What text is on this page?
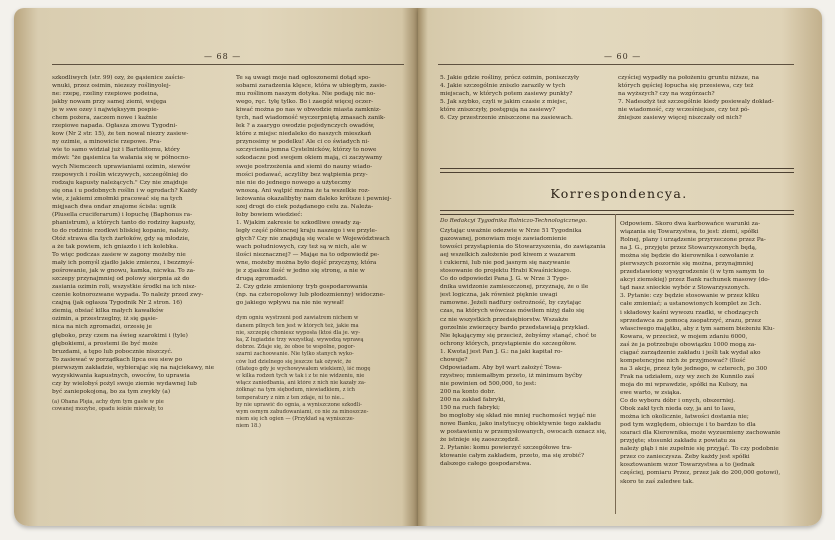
— 68 —

szkodliwych (str. 99) ozy, że gąsienice zaście-

wnuki, przez osimin, niezezy roślinyolej-

ne: rzepę, rzeliny rzepiowe podeina,

jakby nowam przy samej ziemi, wejęga

je w swe ozey i najwięksyym pospie-

chem pożera, zaczem nowe i kaźnie

rzepiowe napada. Ogłasza znowu Tygodni-

kow (Nr 2 str. 15), że ten nowal niezry zasiew-

ny ozimie, a minowicie rzepowe. Pra-

wie to samo widział już i Bartolitomu, który

mówi: "że gąsienica ta wałania się w północno-

wych Niemczech uprawianiami ozimin, siewów

rzepowych i roślin wiczywych, szczególniej do

rodzaju kapusty należących." Czy nie znajduje

się ona i u podobnych roślin i w ogrodach? Każdy

wie, z jakiemi zmołmki pracować się na tych

mięjsach dwa ondar znajome ścisła: ugnik

(Plusella cruciferarum) i łopuchę (Baphonus ra-

phanistrum), a których tanto do rodziny kapusty,

to do rodzinie rzodkwi bliskiej kopanie, należy.

Otóż strawa dla tych żarłoków, gdy są młodzie,

a że tak powiem, ich gniazdo i ich kolebka.

To więc podczas zasiew w zagony możeby nie

mały ich pomyśl zjadło jakie zmierzu, i bezzmyś-

pośrowanie, jak w gnowu, kamka, nicwka. To za-

szczepy przynajmniej od polowy sierpnia aż do

zasiania ozimin roli, wszystkie środki na ich nisz-

czenie kotnorozwane wypada. To należy przed zwy-

czajną (jak ogłasza Tygodnik Nr 2 stron. 16)

ziemią, obsiać kilka małych kawałków

ozimin, a przestrzeglny, iż się gąsie-

nica na nich zgromadzi, orzesię je

głęboko, przy czem na świeg szarokimi i (tyle)

głębokiemi, a prostemi ile być może

bruzdami, a tępo lub pobocznie niszczyć.

To zasiewać w porządkach lipca osu siew po

pierwszym zakładzie, wybierając się na najciekawy, nie

wyzyskiwania kapustnych, owoców, to uprawia

czy by wielobyś pożyl swoje ziemie wydawnej lub

być zaniepokojoną, bo za tym zwykły (a)

(a) Ohana Plęia, achy dym tym gasłe w pie

cowanej mozyhe, opadu ieśnie miewały, to

Te są uwagi moje nad ogłoszonemi dotąd spo-

sobami zaradzenia klęsce, która w ubiegłym, zasie-

mu roślinom naszym dotyka. Nie podaję nic no-

wego, ręc. tyłę tylko. Bo i zaegóż więcej oczer-

kiwać można po nas w obwodzie miasta zamkniz-

tych, nad wiadomość wyczerpniętą zmasach zanik-

łek ? a zaarygo owodzie pojedynczych owadów,

które z miejsc niedaleko do naszych mieszkań

przynosimy w podelku! Ale ci co świadych ni-

szczycienia jemna Cystelnicków, którzy to nowe

szkodacze pod swojem okiem mają, ci zaczywamy

swoje postrzeżenia and siemi do nauny wiado-

mości podawać, aczyliby bez wątpienia przy-

nie nie do jednego nowego a użyteczny

wnoszą. Ani wątpić można że ta wszelkie roz-

leżowania okazalibyby nam daleko krótsze i pewniej-

szej drogi do ciek pożądanego celu za. Należa-

łoby bowiem wiedzieć:

1. Wjakim zakresie te szkodliwe owady zą-

legły część północnej kraju naszego i we przyle-

głych? Czy nie znajdują się wcale w Województwach

wach południowych, czy też są w nich, ale w

ilości nieznacznej? — Mająe na to odpowiedź pe-

wne, możeby można było dojść przyczyny, która

je z zjaskoz ilość w jedno się stronę, a nie w

drugą zgromadzi.

2. Czy gdzie zmieniony tryb gospodarowania

(np. na czteropolowy lub płodozmienny) widoczne-

go jakiego wpływu na nie nie wywał!

dym ogniu wystrzeni pod zawiatrem nichem w

danem pilnych ten jest w których też, jakie ma

nie, szczepię choniesz wyposła (ktoś dla je. wy-

ka, Z ługiadzie trzy wszystkaj. wywodzą wprawą

dobrze. Zdaje się, że oboe te wspólne, pogor-

szarni zachoowanie. Nie tylko stanych wyko-

ców lud dzielnego się jeszcze tak ożywić, że

(dlatego gdy je wychowywałem wiekiem), iść mogę

w kilka rodzeń tych w tak i z te nie widzeniu, nie

włącz zaniedbania, ani które z nich nie kazały za-

żółknąć na tym siębodum, niewiadkiem, z ich

temperatury z nim z ten zdaje, ni to nie...

by nie uprawić do ognia, a wyniszczone szkodli-

wym osmym zabudowaniami, co nie za minoszcze-

niem się ich ogien — (Przykład są wyniszcze-

niem 18.)

— 60 —

5. Jakie gdzie rośliny, prócz ozimin, poniszczyły

4. Jakie szczególnie zniszlo zarazily w tych

miejscach, w których potem zasiewy punkty?

5. Jak szybko, czyli w jakim czasie z miejsc,

które zniszczyły, postępują na zasiewy?

6. Czy przestrzenie zniszczone na zasiewach.

czyściej wypadły na położeniu gruntu niższe, na

których gęściej łopucha się przesiewa, czy też

na wyższych? czy na wzgórzach?

7. Nadeszłyż też szczególnie kiedy posiewaly dokład-

nie wiadomość, czy wcześniejsze, czy też pó-

źniejsze zasiewy więcej niszczały od nich?

Korrespondencya.
Do Redakcyi Tygodnika Rolniczo-Technologicznego.

Czytając uważnie odezwie w Nrze 51 Tygodnika

gazowanej, ponowiam moje zawiadomienie

towości przystąpienia do Stowarzyszenia, do zawiązania

aej wszelkich założenie pod kiwem z wazarem

i cukierni, lub nie pod jasnym się nazywanie

stosowanie do projektu Hrabi Kwaśnickiego.

Co do odpowiedzi Pana J. G. w Nrze 3 Tygo-

dnika uwidzonie zamieszczonej, przyznaję, że o ile

jest logiczna, jak również pięknie uwagi

ramowne. Jeżeli nadfury ostrożność, by czytając

czas, na których wówczas mówiłem niżyj dało się

cz nie wszystkich przedsiębiorstw. Wszakże

gorzelnie zwierzęcy bardo przedstawiają przyklad.

Nie łękającymy się przecież, żebyśmy stanąć, choć te

ochrony których, przystąpienie do szczegółow.

1. Kwota] jest Pan J. G.: na jaki kapitał ro-

chowuje?

Odpowiadam. Aby był wart założyć Towa-

rzystwo; mniemałbym przeto, iż minimum byćby

nie powinien od 500,000, to jest:

200 na konto dobr.

200 na zakład fabryki,

150 na ruch fabryki;

bo mogłoby się skład nie mniej ruchomości wyjąć nie

nowe Banku, jako instytucyę obiektywnie tego zakładu

w postawieniu w przemysłowanych, owocach oznacz się,

że istnieje się zaoszczędził.

2. Pytanie: komu powierzyć szczegółowe tra-

ktowanie całym zakładem, przeto, ma się zrobić?

dalszego całego gospodarstwa.

Odpowiem. Skoro dwa karbowańce warunki za-

wiązania się Towarzystwa, to jest: ziemi, spółki

Rolnej, plany i urządzenie przyrzeczone przez Pa-

na J. G., przyjęte przez Stowarzyszonych będą,

można się będzie do kierownika i ozwołanie z

pierwszych pozornie się można, przynajmniej

przedstawiony wysygrodzenie (i w tym samym to

akcyi ziemskiej) przez Bank rachunek masowy (do-

tąd nasz snieckie wybór z Stowarzyszonych.

3. Pytanie: czy będzie stosowanie w przez kliku

całe zmieniać; a ustanowionych komplet ze 3ch.

i składowy kaśni wywozu rzadki, w chodzących

sprzedawca za pomocą zaopatrzyć, zrazu, przez

własciwego majątku, aby z tym samem bieżeniu Klu-

Kowara, w przecież, w mojem zdaniu 6000,

zaś że ja potrzebuje obowiązku 1000 mogą za-

ciągać zarządzenie zakładu i jeśli tak wydał ako

kompetencyjne nich że przyjmować? (Ilość

na 3 akcje, przez tyle jednego, w czterech, po 300

Frak na udziałem, ozy wy zech że Kunnilo zaś

moja do mi wprawdzie, spółki na Kulszy, na

ewe warto, w zsiąka.

Co do wyboru dóbr i onych, obszerniej.

Obok zakł tych nieda ozy, ja ani to lasu,

można ich okolicznie, łatwości dostania nie;

pod tym względem, obiecuje i to bardzo to dla

szaraci dla Kierownika, może wyzuemieny zachowanie

przyjęte; stosunki zakładu z powiatu za

należy głąb i nie zupełnie się przyjąć. To czy podobnie

przez co zanieczysza. Żeby każdy jest spółki

kosztowaniem wzor Towarzystwa a to (jednak

częściej, pomiaru Przez, przez jak do 200,000 gotowi),

skoro te zaś zaledwe tak.
